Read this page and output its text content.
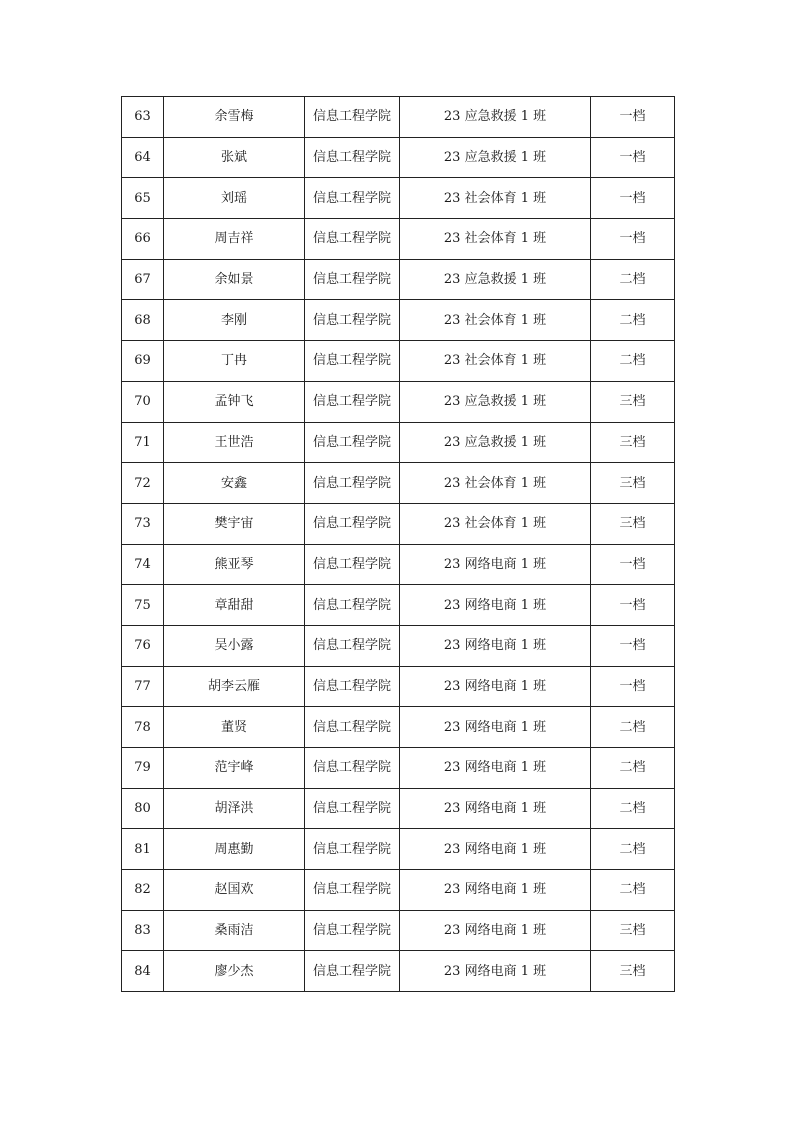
63	余雪梅	信息工程学院	23 应急救援 1 班	一档
64	张斌	信息工程学院	23 应急救援 1 班	一档
65	刘瑶	信息工程学院	23 社会体育 1 班	一档
66	周吉祥	信息工程学院	23 社会体育 1 班	一档
67	余如景	信息工程学院	23 应急救援 1 班	二档
68	李刚	信息工程学院	23 社会体育 1 班	二档
69	丁冉	信息工程学院	23 社会体育 1 班	二档
70	孟钟飞	信息工程学院	23 应急救援 1 班	三档
71	王世浩	信息工程学院	23 应急救援 1 班	三档
72	安鑫	信息工程学院	23 社会体育 1 班	三档
73	樊宇宙	信息工程学院	23 社会体育 1 班	三档
74	熊亚琴	信息工程学院	23 网络电商 1 班	一档
75	章甜甜	信息工程学院	23 网络电商 1 班	一档
76	吴小露	信息工程学院	23 网络电商 1 班	一档
77	胡李云雁	信息工程学院	23 网络电商 1 班	一档
78	董贤	信息工程学院	23 网络电商 1 班	二档
79	范宇峰	信息工程学院	23 网络电商 1 班	二档
80	胡泽洪	信息工程学院	23 网络电商 1 班	二档
81	周惠勤	信息工程学院	23 网络电商 1 班	二档
82	赵国欢	信息工程学院	23 网络电商 1 班	二档
83	桑雨洁	信息工程学院	23 网络电商 1 班	三档
84	廖少杰	信息工程学院	23 网络电商 1 班	三档
